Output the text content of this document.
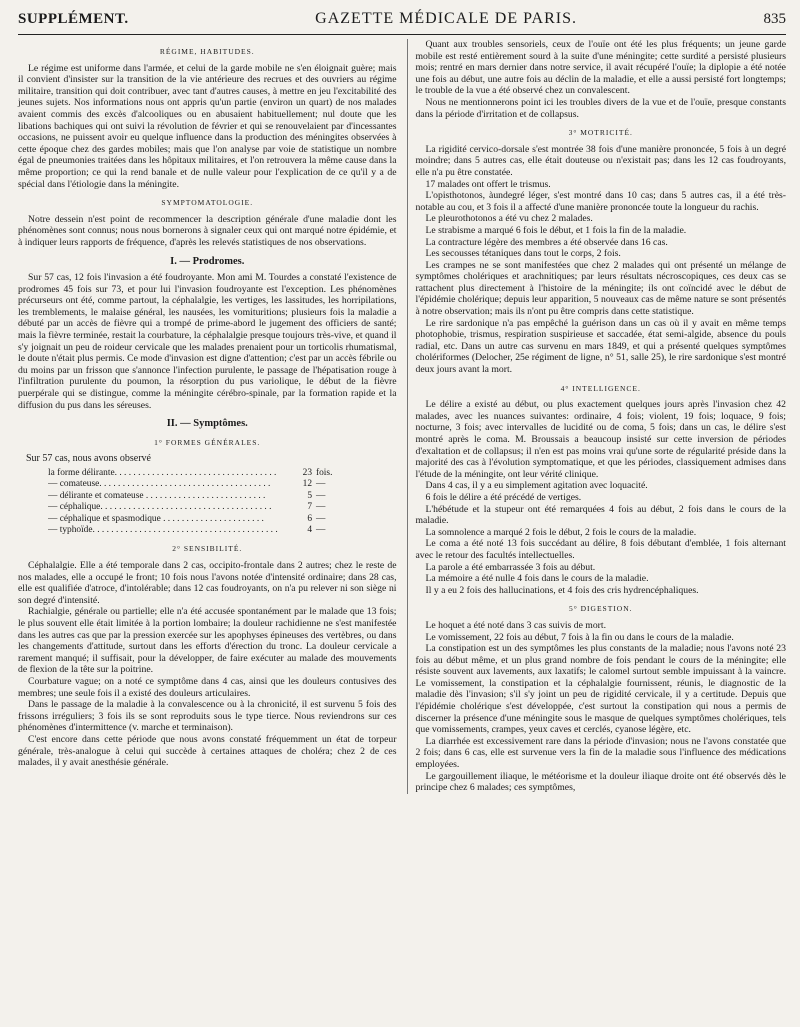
SUPPLÉMENT.	GAZETTE MÉDICALE DE PARIS.	835
RÉGIME, HABITUDES.

Le régime est uniforme dans l'armée, et celui de la garde mobile ne s'en éloignait guère; mais il convient d'insister sur la transition de la vie antérieure des recrues et des ouvriers au régime militaire, transition qui doit contribuer, avec tant d'autres causes, à mettre en jeu l'excitabilité des jeunes sujets. Nos informations nous ont appris qu'un partie (environ un quart) de nos malades avaient commis des excès d'alcooliques ou en abusaient habituellement; nul doute que les libations bachiques qui ont suivi la révolution de février et qui se renouvelaient par d'incessantes occasions, ne puissent avoir eu quelque influence dans la production des méningites observées à cette époque chez des gardes mobiles; mais que l'on analyse par voie de statistique un nombre égal de pneumonies traitées dans les hôpitaux militaires, et l'on retrouvera la même cause dans la même proportion; ce qui la rend banale et de nulle valeur pour l'explication de ce qu'il y a de spécial dans l'étiologie dans la méningite.

SYMPTOMATOLOGIE.

Notre dessein n'est point de recommencer la description générale d'une maladie dont les phénomènes sont connus; nous nous bornerons à signaler ceux qui ont marqué notre épidémie, et à indiquer leurs rapports de fréquence, d'après les relevés statistiques de nos observations.

I. — Prodromes.

Sur 57 cas, 12 fois l'invasion a été foudroyante. Mon ami M. Tourdes a constaté l'existence de prodromes 45 fois sur 73, et pour lui l'invasion foudroyante est l'exception. Les phénomènes précurseurs ont été, comme partout, la céphalalgie, les vertiges, les lassitudes, les horripilations, les tremblements, le malaise général, les nausées, les vomituritions; plusieurs fois la maladie a débuté par un accès de fièvre qui a trompé de prime-abord le jugement des officiers de santé; mais la fièvre terminée, restait la courbature, la céphalalgie presque toujours très-vive, et quand il s'y joignait un peu de roideur cervicale que les malades prenaient pour un torticolis rhumatismal, le doute n'était plus permis. Ce mode d'invasion est digne d'attention; c'est par un accès fébrile ou du moins par un frisson que s'annonce l'infection purulente, le passage de l'hépatisation rouge à l'infiltration purulente du poumon, la résorption du pus variolique, le début de la fièvre puerpérale qui se distingue, comme la méningite cérébro-spinale, par la formation rapide et la diffusion du pus dans les séreuses.

II. — Symptômes.
1° FORMES GÉNÉRALES.
Sur 57 cas, nous avons observé
la forme délirante. . . . . . . . . . . . . . . . . . . . . . . . . . . . . . . . . . .	23 fois.
— comateuse. . . . . . . . . . . . . . . . . . . . . . . . . . . . . . . . . . . . .	12 —
— délirante et comateuse . . . . . . . . . . . . . . . . . . . . . . . . . .	5 —
— céphalique. . . . . . . . . . . . . . . . . . . . . . . . . . . . . . . . . . . . .	7 —
— céphalique et spasmodique . . . . . . . . . . . . . . . . . . . . . .	6 —
— typhoïde. . . . . . . . . . . . . . . . . . . . . . . . . . . . . . . . . . . . . . . .	4 —
2° SENSIBILITÉ.

Céphalalgie. Elle a été temporale dans 2 cas, occipito-frontale dans 2 autres; chez le reste de nos malades, elle a occupé le front; 10 fois nous l'avons notée d'intensité ordinaire; dans 28 cas, elle est qualifiée d'atroce, d'intolérable; dans 12 cas foudroyants, on n'a pu relever ni son siège ni son degré d'intensité.

Rachialgie, générale ou partielle; elle n'a été accusée spontanément par le malade que 13 fois; le plus souvent elle était limitée à la portion lombaire; la douleur rachidienne ne s'est manifestée dans les autres cas que par la pression exercée sur les apophyses épineuses des vertèbres, ou dans les changements d'attitude, surtout dans les efforts d'érection du tronc. La douleur cervicale a rarement manqué; il suffisait, pour la développer, de faire exécuter au malade des mouvements de flexion de la tête sur la poitrine.

Courbature vague; on a noté ce symptôme dans 4 cas, ainsi que les douleurs contusives des membres; une seule fois il a existé des douleurs articulaires.

Dans le passage de la maladie à la convalescence ou à la chronicité, il est survenu 5 fois des frissons irréguliers; 3 fois ils se sont reproduits sous le type tierce. Nous reviendrons sur ces phénomènes d'intermittence (v. marche et terminaison).

C'est encore dans cette période que nous avons constaté fréquemment un état de torpeur générale, très-analogue à celui qui succède à certaines attaques de choléra; chez 2 de ces malades, il y avait anesthésie générale.

Quant aux troubles sensoriels, ceux de l'ouïe ont été les plus fréquents; un jeune garde mobile est resté entièrement sourd à la suite d'une méningite; cette surdité a persisté plusieurs mois; rentré en mars dernier dans notre service, il avait récupéré l'ouïe; la diplopie a été notée une fois au début, une autre fois au déclin de la maladie, et elle a aussi persisté fort longtemps; le trouble de la vue a été observé chez un convalescent.

Nous ne mentionnerons point ici les troubles divers de la vue et de l'ouïe, presque constants dans la période d'irritation et de collapsus.

3° MOTRICITÉ.

La rigidité cervico-dorsale s'est montrée 38 fois d'une manière prononcée, 5 fois à un degré moindre; dans 5 autres cas, elle était douteuse ou n'existait pas; dans les 12 cas foudroyants, elle n'a pu être constatée.

17 malades ont offert le trismus.

L'opisthotonos, àundegré léger, s'est montré dans 10 cas; dans 5 autres cas, il a été très-notable au cou, et 3 fois il a affecté d'une manière prononcée toute la longueur du rachis.

Le pleurothotonos a été vu chez 2 malades.

Le strabisme a marqué 6 fois le début, et 1 fois la fin de la maladie.

La contracture légère des membres a été observée dans 16 cas.

Les secousses tétaniques dans tout le corps, 2 fois.

Les crampes ne se sont manifestées que chez 2 malades qui ont présenté un mélange de symptômes cholériques et arachnitiques; par leurs résultats nécroscopiques, ces deux cas se rattachent plus directement à l'histoire de la méningite; ils ont coïncidé avec le début de l'épidémie cholérique; depuis leur apparition, 5 nouveaux cas de même nature se sont présentés à notre observation; mais ils n'ont pu être compris dans cette statistique.

Le rire sardonique n'a pas empêché la guérison dans un cas où il y avait en même temps photophobie, trismus, respiration suspirieuse et saccadée, état semi-algide, absence du pouls radial, etc. Dans un autre cas survenu en mars 1849, et qui a présenté quelques symptômes cholériformes (Delocher, 25e régiment de ligne, n° 51, salle 25), le rire sardonique s'est montré deux jours avant la mort.

4° INTELLIGENCE.

Le délire a existé au début, ou plus exactement quelques jours après l'invasion chez 42 malades, avec les nuances suivantes: ordinaire, 4 fois; violent, 19 fois; loquace, 9 fois; nocturne, 3 fois; avec intervalles de lucidité ou de coma, 5 fois; dans un cas, le délire s'est montré après le coma. M. Broussais a beaucoup insisté sur cette inversion de périodes d'exaltation et de collapsus; il n'en est pas moins vrai qu'une sorte de régularité préside dans la majorité des cas à l'évolution symptomatique, et que les périodes, classiquement admises dans l'étude de la méningite, ont leur vérité clinique.

Dans 4 cas, il y a eu simplement agitation avec loquacité.

6 fois le délire a été précédé de vertiges.

L'hébétude et la stupeur ont été remarquées 4 fois au début, 2 fois dans le cours de la maladie.

La somnolence a marqué 2 fois le début, 2 fois le cours de la maladie.

Le coma a été noté 13 fois succédant au délire, 8 fois débutant d'emblée, 1 fois alternant avec le retour des facultés intellectuelles.

La parole a été embarrassée 3 fois au début.

La mémoire a été nulle 4 fois dans le cours de la maladie.

Il y a eu 2 fois des hallucinations, et 4 fois des cris hydrencéphaliques.

5° DIGESTION.

Le hoquet a été noté dans 3 cas suivis de mort.

Le vomissement, 22 fois au début, 7 fois à la fin ou dans le cours de la maladie.

La constipation est un des symptômes les plus constants de la maladie; nous l'avons noté 23 fois au début même, et un plus grand nombre de fois pendant le cours de la méningite; elle résiste souvent aux lavements, aux laxatifs; le calomel surtout semble impuissant à la vaincre. Le vomissement, la constipation et la céphalalgie fournissent, réunis, le diagnostic de la maladie dès l'invasion; s'il s'y joint un peu de rigidité cervicale, il y a certitude. Depuis que l'épidémie cholérique s'est développée, c'est surtout la constipation qui nous a permis de discerner la présence d'une méningite sous le masque de quelques symptômes cholériques, tels que vomissements, crampes, yeux caves et cerclés, cyanose légère, etc.

La diarrhée est excessivement rare dans la période d'invasion; nous ne l'avons constatée que 2 fois; dans 6 cas, elle est survenue vers la fin de la maladie sous l'influence des médications employées.

Le gargouillement iliaque, le météorisme et la douleur iliaque droite ont été observés dès le principe chez 6 malades; ces symptômes,
